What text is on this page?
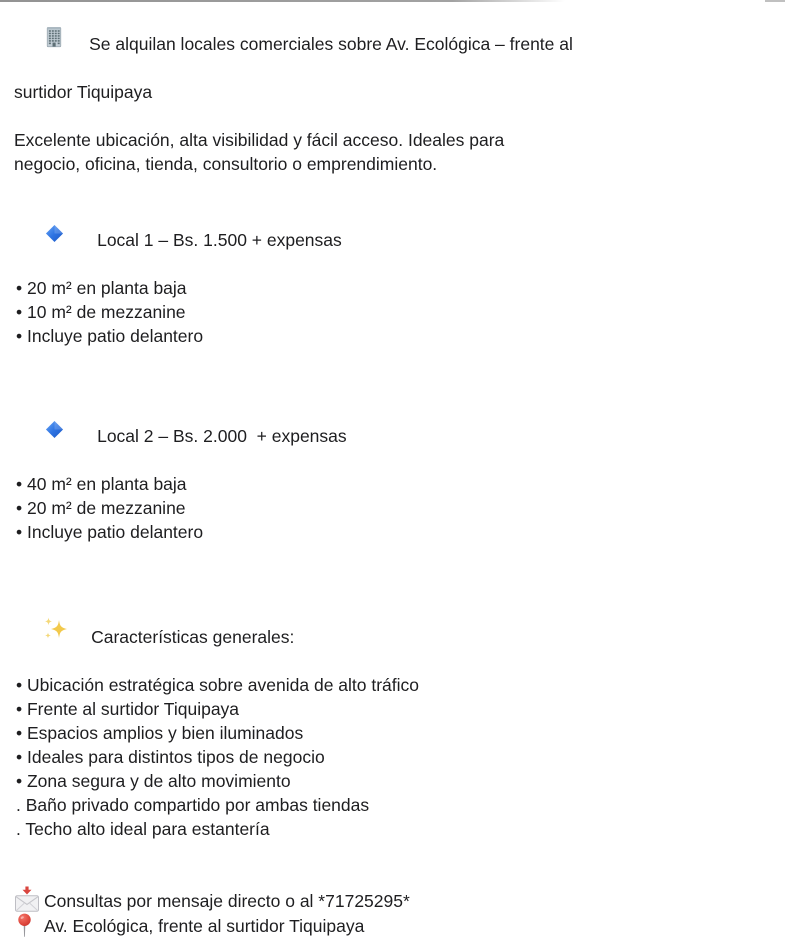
Se alquilan locales comerciales sobre Av. Ecológica – frente al

surtidor Tiquipaya
Excelente ubicación, alta visibilidad y fácil acceso. Ideales para
negocio, oficina, tienda, consultorio o emprendimiento.

Local 1 – Bs. 1.500 + expensas

• 20 m² en planta baja
• 10 m² de mezzanine
• Incluye patio delantero

Local 2 – Bs. 2.000  + expensas

• 40 m² en planta baja
• 20 m² de mezzanine
• Incluye patio delantero

Características generales:

• Ubicación estratégica sobre avenida de alto tráfico
• Frente al surtidor Tiquipaya
• Espacios amplios y bien iluminados
• Ideales para distintos tipos de negocio
• Zona segura y de alto movimiento
. Baño privado compartido por ambas tiendas
. Techo alto ideal para estantería

Consultas por mensaje directo o al *71725295*

Av. Ecológica, frente al surtidor Tiquipaya
